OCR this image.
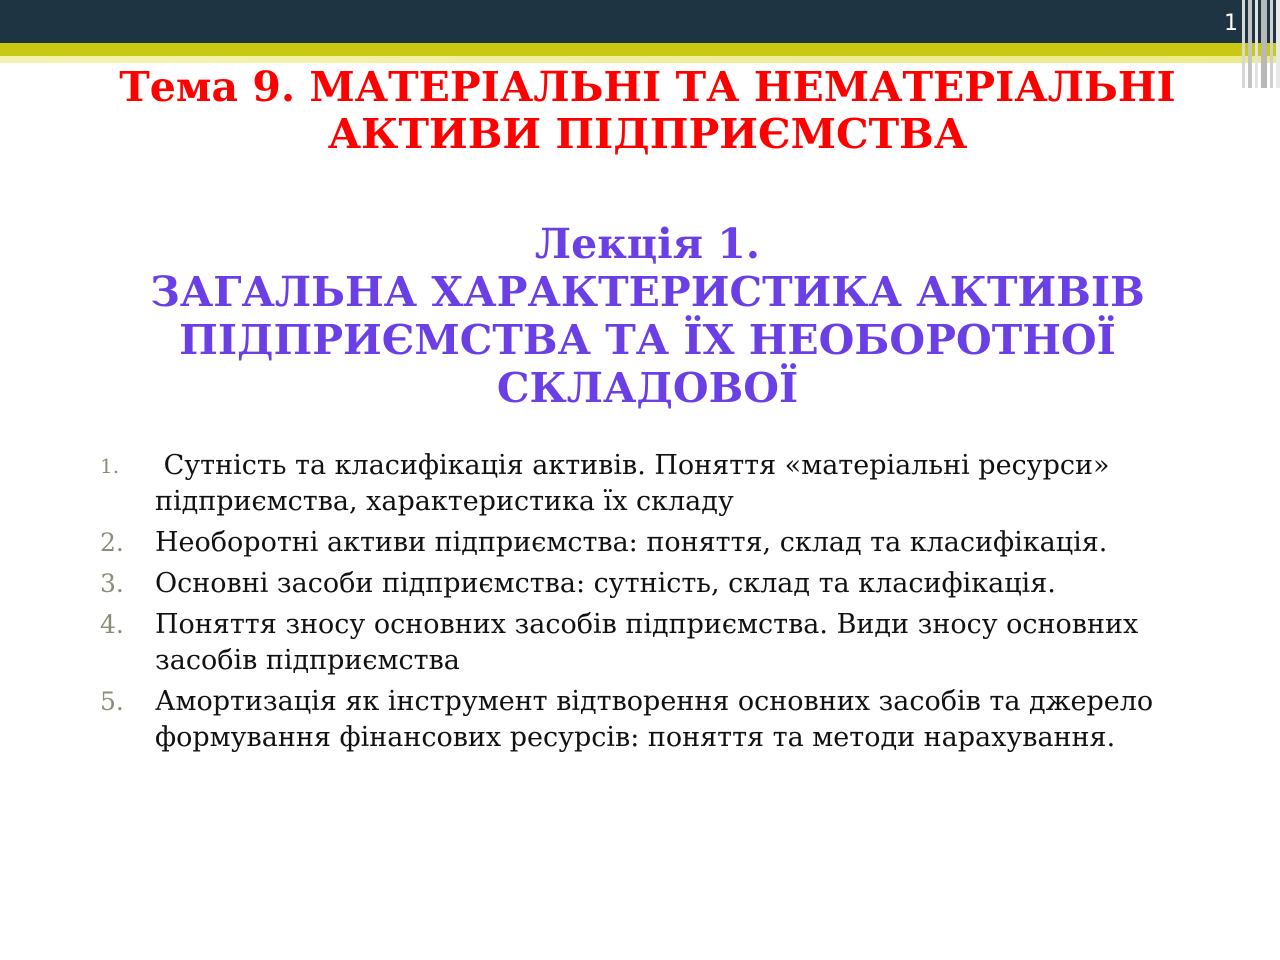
1
Тема 9. МАТЕРІАЛЬНІ ТА НЕМАТЕРІАЛЬНІ АКТИВИ ПІДПРИЄМСТВА
Лекція 1.
ЗАГАЛЬНА ХАРАКТЕРИСТИКА АКТИВІВ ПІДПРИЄМСТВА ТА ЇХ НЕОБОРОТНОЇ СКЛАДОВОЇ
1. Сутність та класифікація активів. Поняття «матеріальні ресурси» підприємства, характеристика їх складу
2. Необоротні активи підприємства: поняття, склад та класифікація.
3. Основні засоби підприємства: сутність, склад та класифікація.
4. Поняття зносу основних засобів підприємства. Види зносу основних засобів підприємства
5. Амортизація як інструмент відтворення основних засобів та джерело формування фінансових ресурсів: поняття та методи нарахування.
